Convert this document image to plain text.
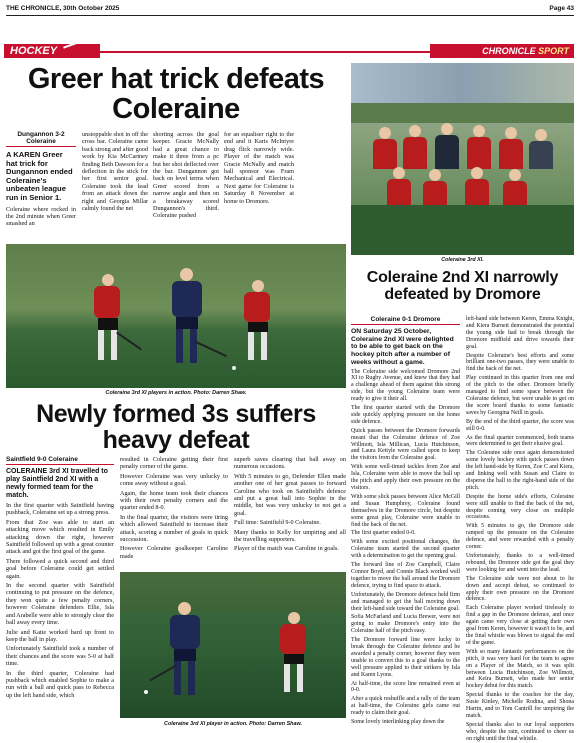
THE CHRONICLE, 30th October 2025	Page 43
HOCKEY	CHRONICLE SPORT
Greer hat trick defeats Coleraine
Dungannon 3-2 Coleraine
A KAREN Greer hat trick for Dungannon ended Coleraine's unbeaten league run in Senior 1.
Coleraine where rocked in the 2nd minute when Greer smashed an
unstoppable shot in off the cross bar. Coleraine came back strong and after good work by Kia McCartney finding Beth Dawson for a deflection in the stick for her first senior goal. Coleraine took the lead from an attack down the right and Georgia Millar calmly found the net
shorting across the goal keeper. Gracie McNally had a great chance to make it three from a pc but her shot deflected over the bar. Dungannon got back on level terms when Greer scored from a narrow angle and then on a breakaway scored Dungannon's third. Coleraine pushed
for an equaliser right to the end and it Karis McIntyre drag flick narrowly wide. Player of the match was Gracie McNally and match ball sponsor was Fram Mechanical and Electrical. Next game for Coleraine is Saturday 8 November at home to Dromore.
Coleraine 3rd XI.
Coleraine 3rd XI players in action. Photo: Darren Shaw.
Newly formed 3s suffers heavy defeat
Saintfield 9-0 Coleraine
COLERAINE 3rd XI travelled to play Saintfield 2nd XI with a newly formed team for the match.

In the first quarter with Saintfield having pushback, Coleraine set up a strong press.

From that Zoe was able to start an attacking move which resulted in Emily attacking down the right, however Saintfield followed up with a great counter attack and got the first goal of the game.

There followed a quick second and third goal before Coleraine could get settled again.

In the second quarter with Saintfield continuing to put pressure on the defence, they won quite a few penalty corners, however Coleraine defenders Ellie, Isla and Arabelle were able to strongly clear the ball away every time.

Julie and Katie worked hard up front to keep the ball in play.

Unfortunately Saintfield took a number of their chances and the score was 5-0 at half time.

In the third quarter, Coleraine had pushback which enabled Sophie to make a run with a ball and quick pass to Rebecca up the left hand side, which

resulted in Coleraine getting their first penalty corner of the game.

However Coleraine was very unlucky to come away without a goal.

Again, the home team took their chances with their own penalty corners and the quarter ended 8-0.

In the final quarter, the visitors were tiring which allowed Saintfield to increase their attack, scoring a number of goals in quick succession.

However Coleraine goalkeeper Caroline made

superb saves clearing that ball away on numerous occasions.

With 5 minutes to go, Defender Ellen made another one of her great passes to forward Caroline who took on Saintfield's defence and put a great ball into Sophie in the middle, but was very unlucky to not get a goal.

Full time: Saintfield 9-0 Coleraine.

Many thanks to Kelly for umpiring and all the travelling supporters.

Player of the match was Caroline in goals.

Coleraine 3rd XI player in action. Photo: Darren Shaw.
Coleraine 2nd XI narrowly defeated by Dromore
Coleraine 0-1 Dromore
ON Saturday 25 October, Coleraine 2nd XI were delighted to be able to get back on the hockey pitch after a number of weeks without a game.

The Coleraine side welcomed Dromore 2nd XI to Rugby Avenue, and knew that they had a challenge ahead of them against this strong side, but the young Coleraine team were ready to give it their all.

The first quarter started with the Dromore side quickly applying pressure on the home side defence.

Quick passes between the Dromore forwards meant that the Coleraine defence of Zoe Willmott, Isla Millican, Lucia Hutchinson, and Laura Kettyle were called upon to keep the visitors from the Coleraine goal.

With some well-timed tackles from Zoe and Isla, Coleraine were able to move the ball up the pitch and apply their own pressure on the visitors.

With some slick passes between Alice McGill and Susan Humphrey, Coleraine found themselves in the Dromore circle, but despite some great play, Coleraine were unable to find the back of the net.

The first quarter ended 0-0.

With some excited positional changes, the Coleraine team started the second quarter with a determination to get the opening goal.

The forward line of Zoe Campbell, Claire Connor Boyd, and Connie Black worked well together to move the ball around the Dromore defence, trying to find space to attack.

Unfortunately, the Dromore defence held firm and managed to get the ball moving down their left-hand side toward the Coleraine goal.

Sofia McFarland and Lucia Brewer, were not going to make Dromore's entry into the Coleraine half of the pitch easy.

The Dromore forward line were lucky to break through the Coleraine defence and be awarded a penalty corner, however they were unable to convert this to a goal thanks to the well pressure applied to their strikers by Isla and Karen Lyons.

At half-time, the score line remained even at 0-0.

After a quick reshuffle and a rally of the team at half-time, the Coleraine girls came out ready to claim their goal.

Some lovely interlinking play down the

left-hand side between Keren, Emma Knight, and Kiera Burnett demonstrated the potential the young side had to break through the Dromore midfield and drive towards their goal.

Despite Coleraine's best efforts and some brilliant one-two passes, they were unable to find the back of the net.

Play continued in this quarter from one end of the pitch to the other. Dromore briefly managed to find some space between the Coleraine defence, but were unable to get on the score board thanks to some fantastic saves by Georgina Neill in goals.

By the end of the third quarter, the score was still 0-0.

As the final quarter commenced, both teams were determined to get their elusive goal.

The Coleraine side once again demonstrated some lovely hockey with quick passes down the left hand-side by Keren, Zoe C and Kiera, and linking well with Susan and Claire to disperse the ball to the right-hand side of the pitch.

Despite the home side's efforts, Coleraine were still unable to find the back of the net, despite coming very close on multiple occasions.

With 5 minutes to go, the Dromore side ramped up the pressure on the Coleraine defence, and were rewarded with a penalty corner.

Unfortunately, thanks to a well-timed rebound, the Dromore side got the goal they were looking for and went into the lead.

The Coleraine side were not about to lie down and accept defeat, so continued to apply their own pressure on the Dromore defence.

Each Coleraine player worked tirelessly to find a gap in the Dromore defence, and once again came very close at getting their own goal from Keren, however it wasn't to be, and the final whistle was blown to signal the end of the game.

With so many fantastic performances on the pitch, it was very hard for the team to agree on a Player of the Match, so it was split between Lucia Hutchinson, Zoe Willmott, and Keira Burnett, who made her senior hockey debut for this match.

Special thanks to the coaches for the day, Susie Kinley, Michelle Rodina, and Shona Harrin, and to Tom Cantrill for umpiring the match.

Special thanks also to our loyal supporters who, despite the rain, continued to cheer us on right until the final whistle.
